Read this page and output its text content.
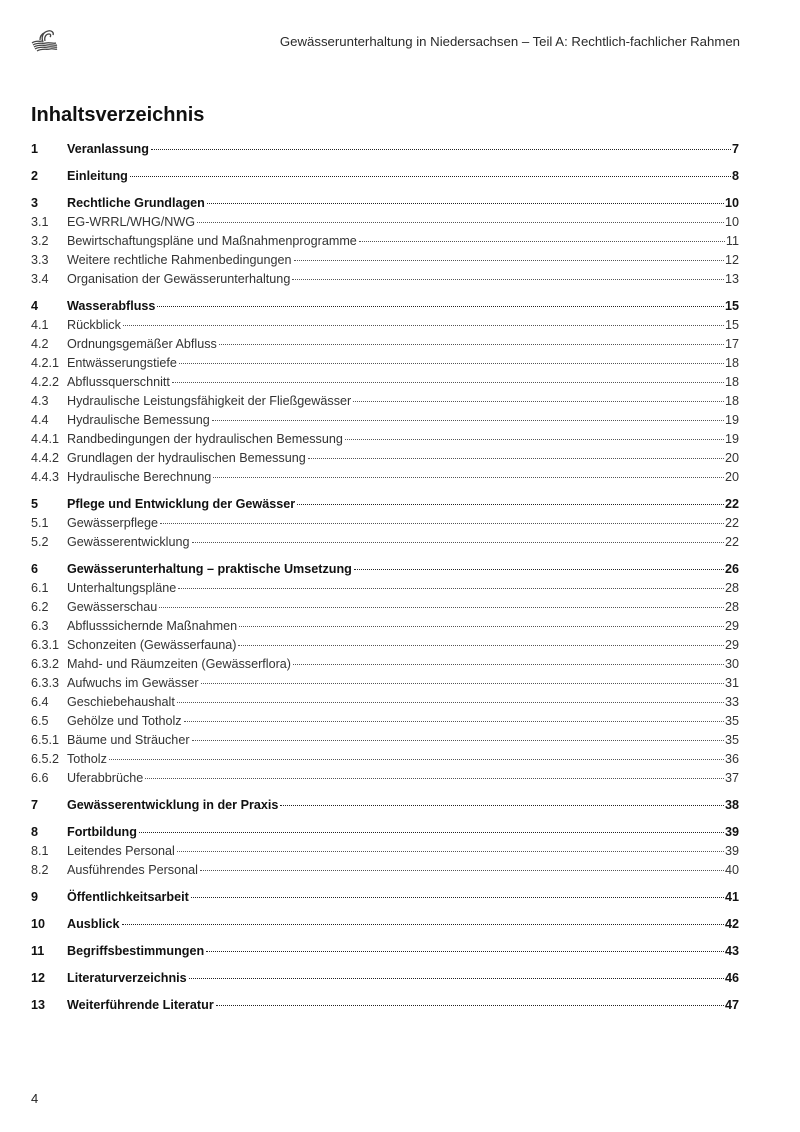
Gewässerunterhaltung in Niedersachsen – Teil A: Rechtlich-fachlicher Rahmen
Inhaltsverzeichnis
1	Veranlassung	7
2	Einleitung	8
3	Rechtliche Grundlagen	10
3.1	EG-WRRL/WHG/NWG	10
3.2	Bewirtschaftungspläne und Maßnahmenprogramme	11
3.3	Weitere rechtliche Rahmenbedingungen	12
3.4	Organisation der Gewässerunterhaltung	13
4	Wasserabfluss	15
4.1	Rückblick	15
4.2	Ordnungsgemäßer Abfluss	17
4.2.1 Entwässerungstiefe	18
4.2.2 Abflussquerschnitt	18
4.3	Hydraulische Leistungsfähigkeit der Fließgewässer	18
4.4	Hydraulische Bemessung	19
4.4.1 Randbedingungen der hydraulischen Bemessung	19
4.4.2 Grundlagen der hydraulischen Bemessung	20
4.4.3 Hydraulische Berechnung	20
5	Pflege und Entwicklung der Gewässer	22
5.1	Gewässerpflege	22
5.2	Gewässerentwicklung	22
6	Gewässerunterhaltung – praktische Umsetzung	26
6.1	Unterhaltungspläne	28
6.2	Gewässerschau	28
6.3	Abflusssichernde Maßnahmen	29
6.3.1 Schonzeiten (Gewässerfauna)	29
6.3.2 Mahd- und Räumzeiten (Gewässerflora)	30
6.3.3 Aufwuchs im Gewässer	31
6.4	Geschiebehaushalt	33
6.5	Gehölze und Totholz	35
6.5.1 Bäume und Sträucher	35
6.5.2 Totholz	36
6.6	Uferabbrüche	37
7	Gewässerentwicklung in der Praxis	38
8	Fortbildung	39
8.1	Leitendes Personal	39
8.2	Ausführendes Personal	40
9	Öffentlichkeitsarbeit	41
10	Ausblick	42
11	Begriffsbestimmungen	43
12	Literaturverzeichnis	46
13	Weiterführende Literatur	47
4
